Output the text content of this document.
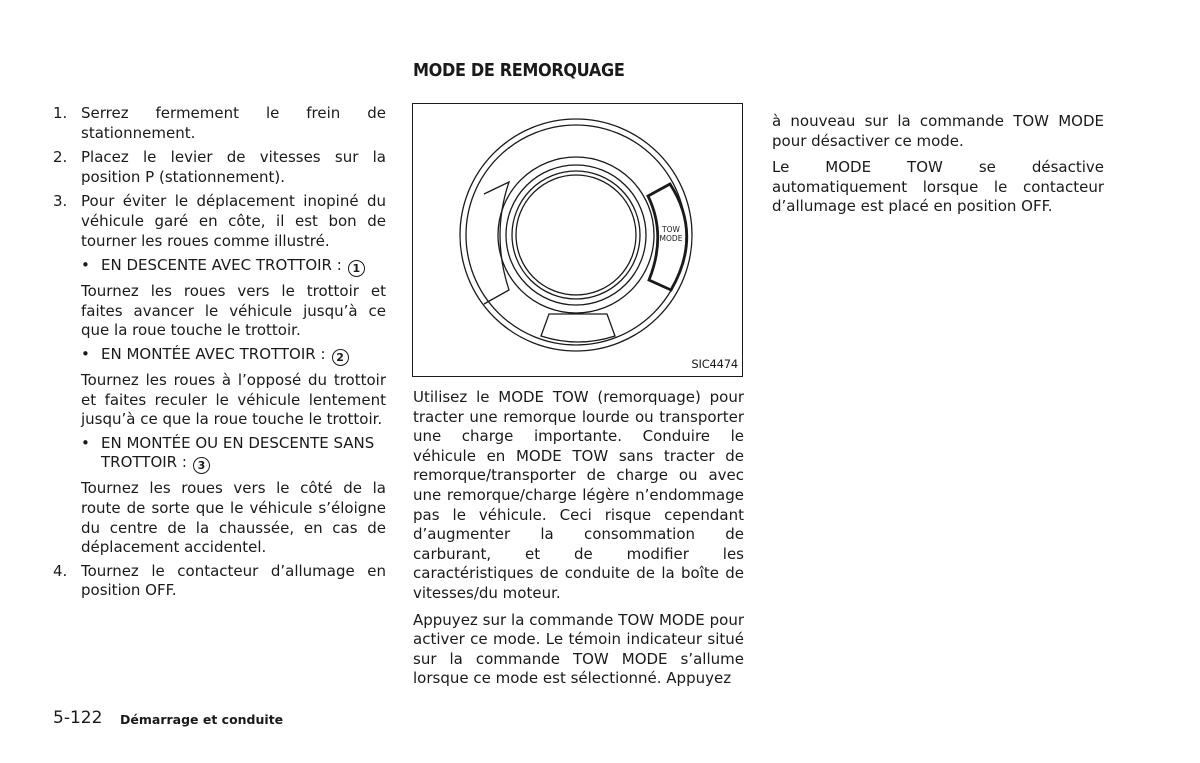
MODE DE REMORQUAGE
1. Serrez fermement le frein de stationnement.
2. Placez le levier de vitesses sur la position P (stationnement).
3. Pour éviter le déplacement inopiné du véhicule garé en côte, il est bon de tourner les roues comme illustré.
• EN DESCENTE AVEC TROTTOIR : 1

Tournez les roues vers le trottoir et faites avancer le véhicule jusqu’à ce que la roue touche le trottoir.

• EN MONTÉE AVEC TROTTOIR : 2

Tournez les roues à l’opposé du trottoir et faites reculer le véhicule lentement jusqu’à ce que la roue touche le trottoir.

• EN MONTÉE OU EN DESCENTE SANS TROTTOIR : 3

Tournez les roues vers le côté de la route de sorte que le véhicule s’éloigne du centre de la chaussée, en cas de déplacement accidentel.

4. Tournez le contacteur d’allumage en position OFF.
TOW
MODE
SIC4474

Utilisez le MODE TOW (remorquage) pour tracter une remorque lourde ou transporter une charge importante. Conduire le véhicule en MODE TOW sans tracter de remorque/transporter de charge ou avec une remorque/charge légère n’endommage pas le véhicule. Ceci risque cependant d’augmenter la consommation de carburant, et de modifier les caractéristiques de conduite de la boîte de vitesses/du moteur.

Appuyez sur la commande TOW MODE pour activer ce mode. Le témoin indicateur situé sur la commande TOW MODE s’allume lorsque ce mode est sélectionné. Appuyez

à nouveau sur la commande TOW MODE pour désactiver ce mode.

Le MODE TOW se désactive automatiquement lorsque le contacteur d’allumage est placé en position OFF.

5-122 Démarrage et conduite
